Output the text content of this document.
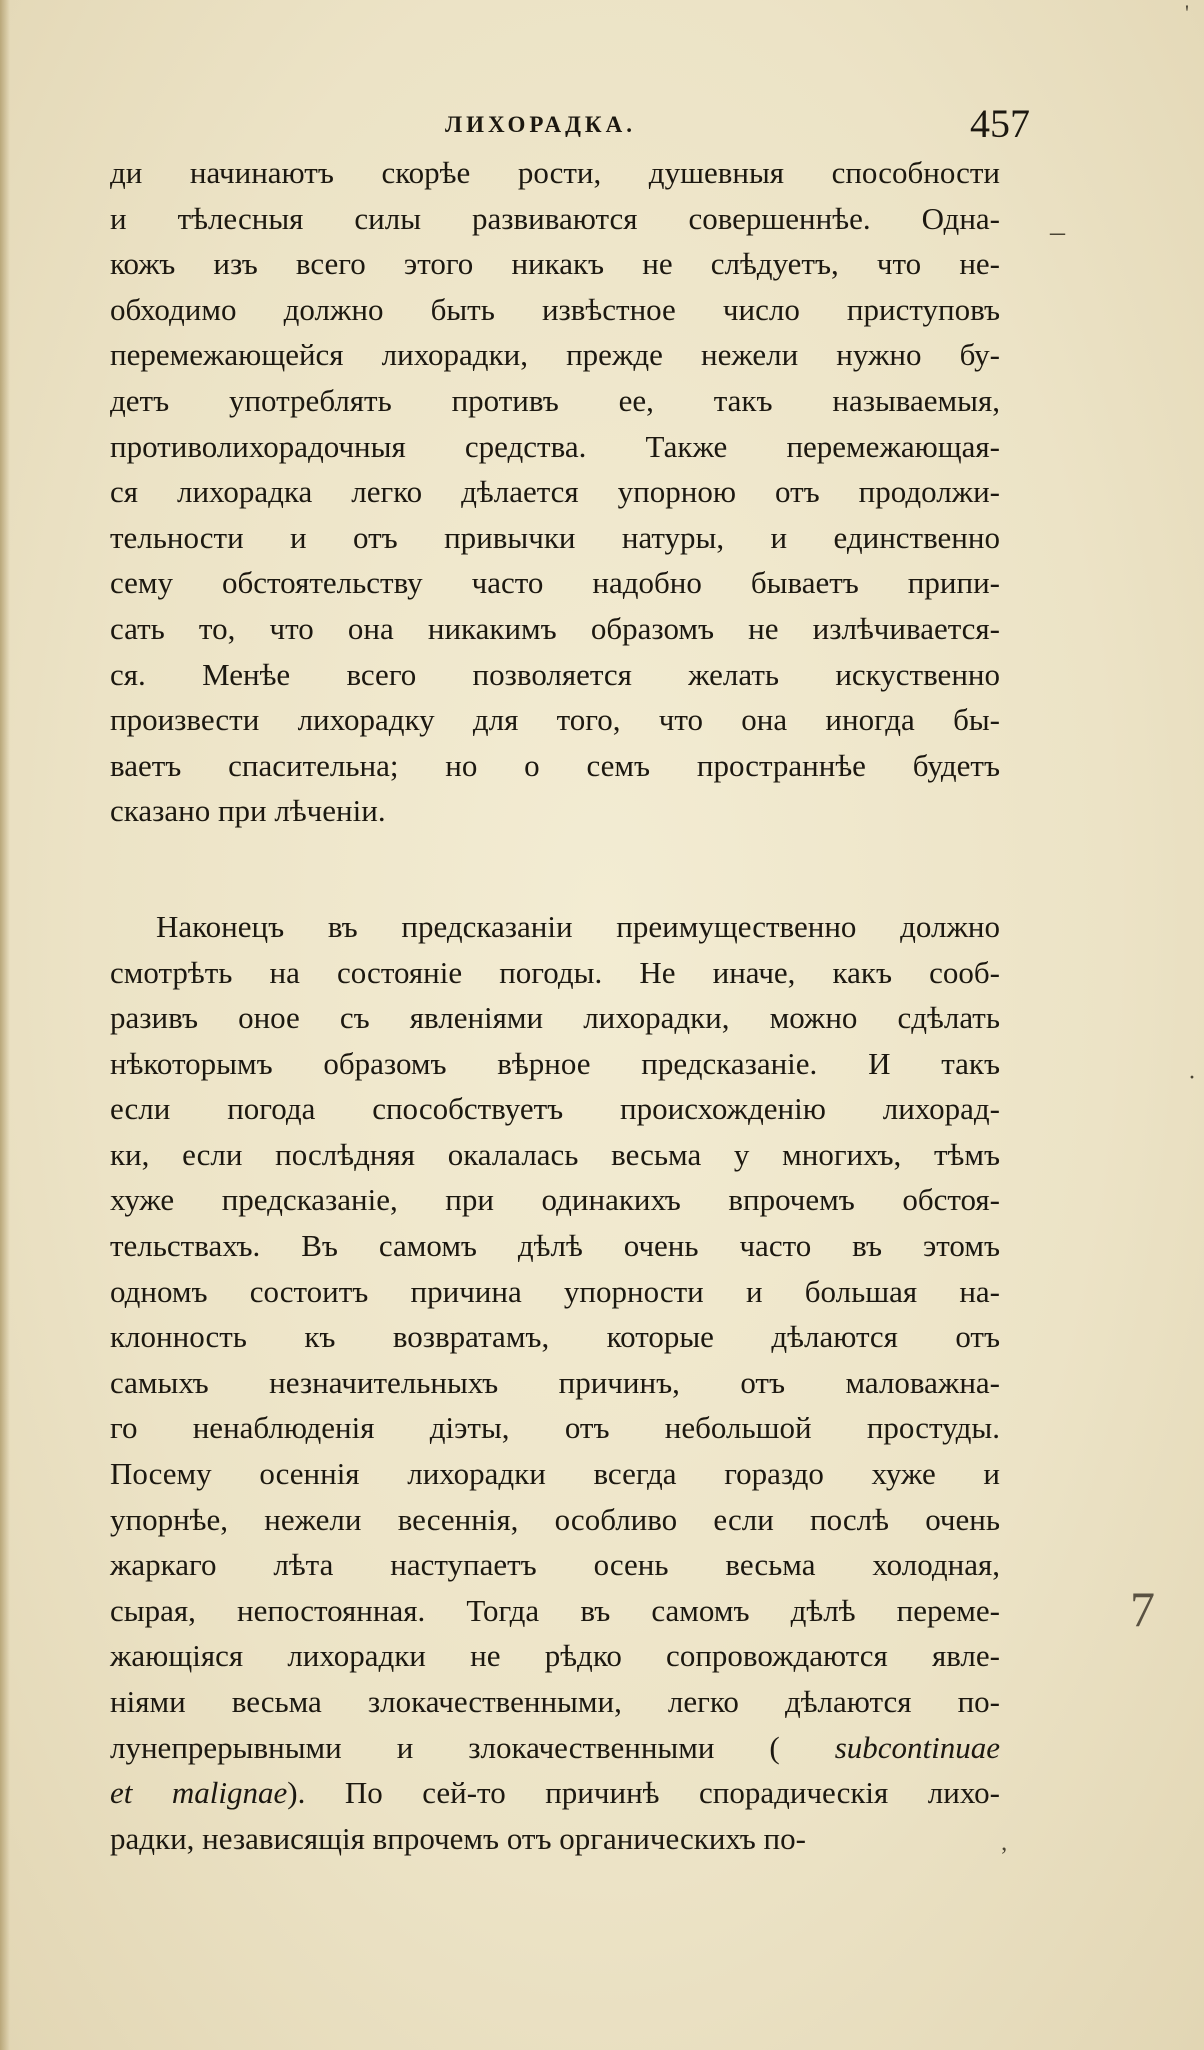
ЛИХОРАДКА.	457
ди начинаютъ скорѣе рости, душевныя способности
и тѣлесныя силы развиваются совершеннѣе. Одна-
кожъ изъ всего этого никакъ не слѣдуетъ, что не-
обходимо должно быть извѣстное число приступовъ
перемежающейся лихорадки, прежде нежели нужно бу-
детъ употреблять противъ ее, такъ называемыя,
противолихорадочныя средства. Также перемежающая-
ся лихорадка легко дѣлается упорною отъ продолжи-
тельности и отъ привычки натуры, и единственно
сему обстоятельству часто надобно бываетъ припи-
сать то, что она никакимъ образомъ не излѣчивается-
ся. Менѣе всего позволяется желать искуственно
произвести лихорадку для того, что она иногда бы-
ваетъ спасительна; но о семъ пространнѣе будетъ
сказано при лѣченіи.
Наконецъ въ предсказаніи преимущественно должно
смотрѣть на состояніе погоды. Не иначе, какъ сооб-
разивъ оное съ явленіями лихорадки, можно сдѣлать
нѣкоторымъ образомъ вѣрное предсказаніе. И такъ
если погода способствуетъ происхожденію лихорад-
ки, если послѣдняя окалалась весьма у многихъ, тѣмъ
хуже предсказаніе, при одинакихъ впрочемъ обстоя-
тельствахъ. Въ самомъ дѣлѣ очень часто въ этомъ
одномъ состоитъ причина упорности и большая на-
клонность къ возвратамъ, которые дѣлаются отъ
самыхъ незначительныхъ причинъ, отъ маловажна-
го ненаблюденія діэты, отъ небольшой простуды.
Посему осеннія лихорадки всегда гораздо хуже и
упорнѣе, нежели весеннія, особливо если послѣ очень
жаркаго лѣта наступаетъ осень весьма холодная,
сырая, непостоянная. Тогда въ самомъ дѣлѣ переме-
жающіяся лихорадки не рѣдко сопровождаются явле-
ніями весьма злокачественными, легко дѣлаются по-
лунепрерывными и злокачественными ( subcontinuae
et malignae). По сей-то причинѣ спорадическія лихо-
радки, независящія впрочемъ отъ органическихъ по-
–
·
7
‚
'
